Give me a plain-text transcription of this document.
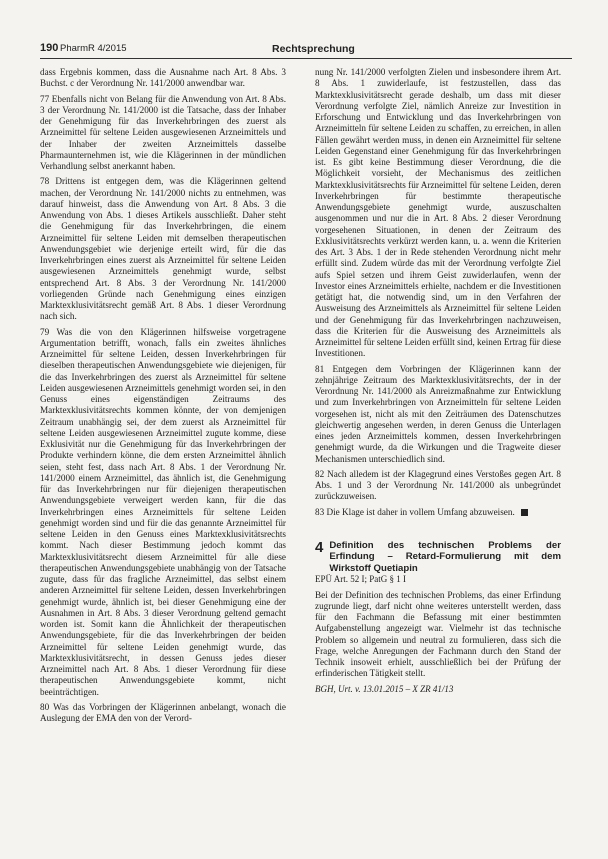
190 PharmR 4/2015	Rechtsprechung

dass Ergebnis kommen, dass die Ausnahme nach Art. 8 Abs. 3 Buchst. c der Verordnung Nr. 141/2000 anwendbar war.

77 Ebenfalls nicht von Belang für die Anwendung von Art. 8 Abs. 3 der Verordnung Nr. 141/2000 ist die Tatsache, dass der Inhaber der Genehmigung für das Inverkehrbringen des zuerst als Arzneimittel für seltene Leiden ausgewiesenen Arzneimittels und der Inhaber der zweiten Arzneimittels dasselbe Pharmaunternehmen ist, wie die Klägerinnen in der mündlichen Verhandlung selbst anerkannt haben.

78 Drittens ist entgegen dem, was die Klägerinnen geltend machen, der Verordnung Nr. 141/2000 nichts zu entnehmen, was darauf hinweist, dass die Anwendung von Art. 8 Abs. 3 die Anwendung von Abs. 1 dieses Artikels ausschließt. Daher steht die Genehmigung für das Inverkehrbringen, die einem Arzneimittel für seltene Leiden mit demselben therapeutischen Anwendungsgebiet wie derjenige erteilt wird, für die das Inverkehrbringen eines zuerst als Arzneimittel für seltene Leiden ausgewiesenen Arzneimittels genehmigt wurde, selbst entsprechend Art. 8 Abs. 3 der Verordnung Nr. 141/2000 vorliegenden Gründe nach Genehmigung eines einzigen Marktexklusivitätsrecht gemäß Art. 8 Abs. 1 dieser Verordnung nach sich.

79 Was die von den Klägerinnen hilfsweise vorgetragene Argumentation betrifft, wonach, falls ein zweites ähnliches Arzneimittel für seltene Leiden, dessen Inverkehrbringen für dieselben therapeutischen Anwendungsgebiete wie diejenigen, für die das Inverkehrbringen des zuerst als Arzneimittel für seltene Leiden ausgewiesenen Arzneimittels genehmigt worden sei, in den Genuss eines eigenständigen Zeitraums des Marktexklusivitätsrechts kommen könnte, der von demjenigen Zeitraum unabhängig sei, der dem zuerst als Arzneimittel für seltene Leiden ausgewiesenen Arzneimittel zugute komme, diese Exklusivität nur die Genehmigung für das Inverkehrbringen der Produkte verhindern könne, die dem ersten Arzneimittel ähnlich seien, steht fest, dass nach Art. 8 Abs. 1 der Verordnung Nr. 141/2000 einem Arzneimittel, das ähnlich ist, die Genehmigung für das Inverkehrbringen nur für diejenigen therapeutischen Anwendungsgebiete verweigert werden kann, für die das Inverkehrbringen eines Arzneimittels für seltene Leiden genehmigt worden sind und für die das genannte Arzneimittel für seltene Leiden in den Genuss eines Marktexklusivitätsrechts kommt. Nach dieser Bestimmung jedoch kommt das Marktexklusivitätsrecht diesem Arzneimittel für alle diese therapeutischen Anwendungsgebiete unabhängig von der Tatsache zugute, dass für das fragliche Arzneimittel, das selbst einem anderen Arzneimittel für seltene Leiden, dessen Inverkehrbringen genehmigt wurde, ähnlich ist, bei dieser Genehmigung eine der Ausnahmen in Art. 8 Abs. 3 dieser Verordnung geltend gemacht worden ist. Somit kann die Ähnlichkeit der therapeutischen Anwendungsgebiete, für die das Inverkehrbringen der beiden Arzneimittel für seltene Leiden genehmigt wurde, das Marktexklusivitätsrecht, in dessen Genuss jedes dieser Arzneimittel nach Art. 8 Abs. 1 dieser Verordnung für diese therapeutischen Anwendungsgebiete kommt, nicht beeinträchtigen.

80 Was das Vorbringen der Klägerinnen anbelangt, wonach die Auslegung der EMA den von der Verord-

nung Nr. 141/2000 verfolgten Zielen und insbesondere ihrem Art. 8 Abs. 1 zuwiderlaufe, ist festzustellen, dass das Marktexklusivitätsrecht gerade deshalb, um dass mit dieser Verordnung verfolgte Ziel, nämlich Anreize zur Investition in Erforschung und Entwicklung und das Inverkehrbringen von Arzneimitteln für seltene Leiden zu schaffen, zu erreichen, in allen Fällen gewährt werden muss, in denen ein Arzneimittel für seltene Leiden Gegenstand einer Genehmigung für das Inverkehrbringen ist. Es gibt keine Bestimmung dieser Verordnung, die die Möglichkeit vorsieht, der Mechanismus des zeitlichen Marktexklusivitätsrechts für Arzneimittel für seltene Leiden, deren Inverkehrbringen für bestimmte therapeutische Anwendungsgebiete genehmigt wurde, auszuschalten ausgenommen und nur die in Art. 8 Abs. 2 dieser Verordnung vorgesehenen Situationen, in denen der Zeitraum des Exklusivitätsrechts verkürzt werden kann, u. a. wenn die Kriterien des Art. 3 Abs. 1 der in Rede stehenden Verordnung nicht mehr erfüllt sind. Zudem würde das mit der Verordnung verfolgte Ziel aufs Spiel setzen und ihrem Geist zuwiderlaufen, wenn der Investor eines Arzneimittels erhielte, nachdem er die Investitionen getätigt hat, die notwendig sind, um in den Verfahren der Ausweisung des Arzneimittels als Arzneimittel für seltene Leiden und der Genehmigung für das Inverkehrbringen nachzuweisen, dass die Kriterien für die Ausweisung des Arzneimittels als Arzneimittel für seltene Leiden erfüllt sind, keinen Ertrag für diese Investitionen.

81 Entgegen dem Vorbringen der Klägerinnen kann der zehnjährige Zeitraum des Marktexklusivitätsrechts, der in der Verordnung Nr. 141/2000 als Anreizmaßnahme zur Entwicklung und zum Inverkehrbringen von Arzneimitteln für seltene Leiden vorgesehen ist, nicht als mit den Zeiträumen des Datenschutzes gleichwertig angesehen werden, in deren Genuss die Unterlagen eines jeden Arzneimittels kommen, dessen Inverkehrbringen genehmigt wurde, da die Wirkungen und die Tragweite dieser Mechanismen unterschiedlich sind.

82 Nach alledem ist der Klagegrund eines Verstoßes gegen Art. 8 Abs. 1 und 3 der Verordnung Nr. 141/2000 als unbegründet zurückzuweisen.

83 Die Klage ist daher in vollem Umfang abzuweisen.

4 Definition des technischen Problems der Erfindung – Retard-Formulierung mit dem Wirkstoff Quetiapin

EPÜ Art. 52 I; PatG § 1 I

Bei der Definition des technischen Problems, das einer Erfindung zugrunde liegt, darf nicht ohne weiteres unterstellt werden, dass für den Fachmann die Befassung mit einer bestimmten Aufgabenstellung angezeigt war. Vielmehr ist das technische Problem so allgemein und neutral zu formulieren, dass sich die Frage, welche Anregungen der Fachmann durch den Stand der Technik insoweit erhielt, ausschließlich bei der Prüfung der erfinderischen Tätigkeit stellt.

BGH, Urt. v. 13.01.2015 – X ZR 41/13
